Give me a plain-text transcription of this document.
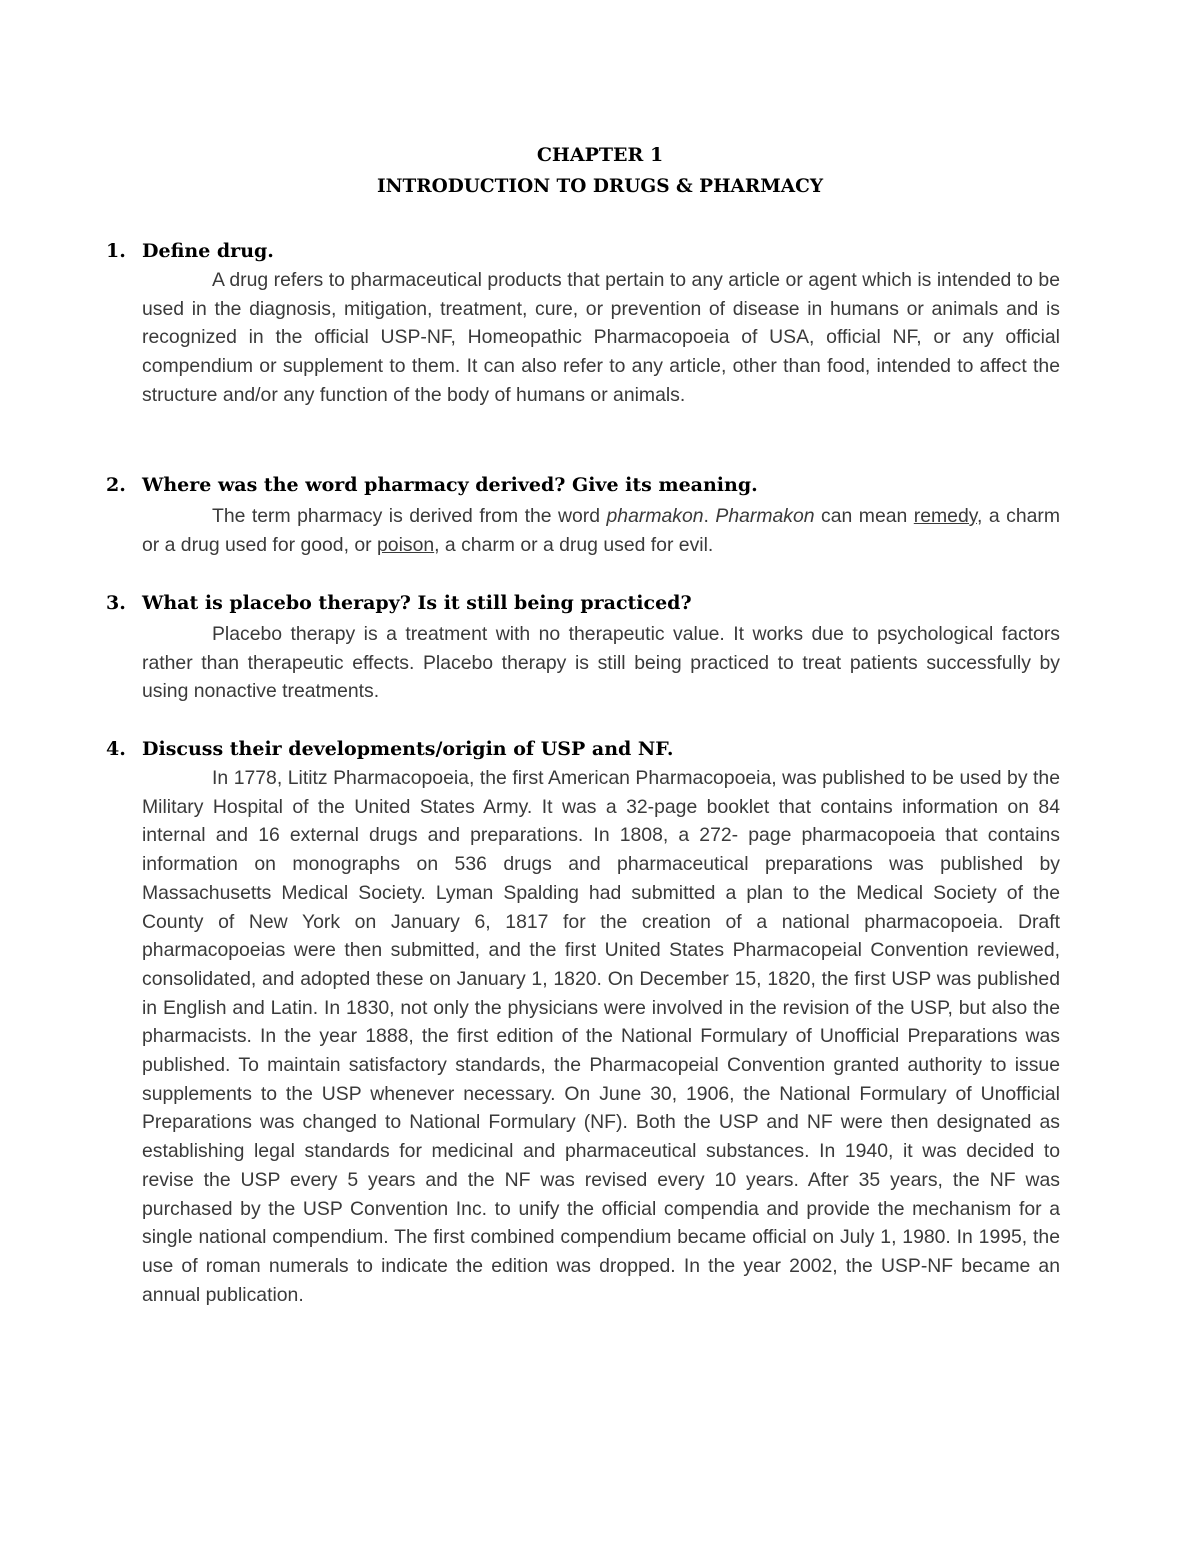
CHAPTER 1
INTRODUCTION TO DRUGS & PHARMACY
1. Define drug.

A drug refers to pharmaceutical products that pertain to any article or agent which is intended to be used in the diagnosis, mitigation, treatment, cure, or prevention of disease in humans or animals and is recognized in the official USP-NF, Homeopathic Pharmacopoeia of USA, official NF, or any official compendium or supplement to them. It can also refer to any article, other than food, intended to affect the structure and/or any function of the body of humans or animals.

2. Where was the word pharmacy derived? Give its meaning.

The term pharmacy is derived from the word pharmakon. Pharmakon can mean remedy, a charm or a drug used for good, or poison, a charm or a drug used for evil.

3. What is placebo therapy? Is it still being practiced?

Placebo therapy is a treatment with no therapeutic value. It works due to psychological factors rather than therapeutic effects. Placebo therapy is still being practiced to treat patients successfully by using nonactive treatments.

4. Discuss their developments/origin of USP and NF.

In 1778, Lititz Pharmacopoeia, the first American Pharmacopoeia, was published to be used by the Military Hospital of the United States Army. It was a 32-page booklet that contains information on 84 internal and 16 external drugs and preparations. In 1808, a 272- page pharmacopoeia that contains information on monographs on 536 drugs and pharmaceutical preparations was published by Massachusetts Medical Society. Lyman Spalding had submitted a plan to the Medical Society of the County of New York on January 6, 1817 for the creation of a national pharmacopoeia. Draft pharmacopoeias were then submitted, and the first United States Pharmacopeial Convention reviewed, consolidated, and adopted these on January 1, 1820. On December 15, 1820, the first USP was published in English and Latin. In 1830, not only the physicians were involved in the revision of the USP, but also the pharmacists. In the year 1888, the first edition of the National Formulary of Unofficial Preparations was published. To maintain satisfactory standards, the Pharmacopeial Convention granted authority to issue supplements to the USP whenever necessary. On June 30, 1906, the National Formulary of Unofficial Preparations was changed to National Formulary (NF). Both the USP and NF were then designated as establishing legal standards for medicinal and pharmaceutical substances. In 1940, it was decided to revise the USP every 5 years and the NF was revised every 10 years. After 35 years, the NF was purchased by the USP Convention Inc. to unify the official compendia and provide the mechanism for a single national compendium. The first combined compendium became official on July 1, 1980. In 1995, the use of roman numerals to indicate the edition was dropped. In the year 2002, the USP-NF became an annual publication.
